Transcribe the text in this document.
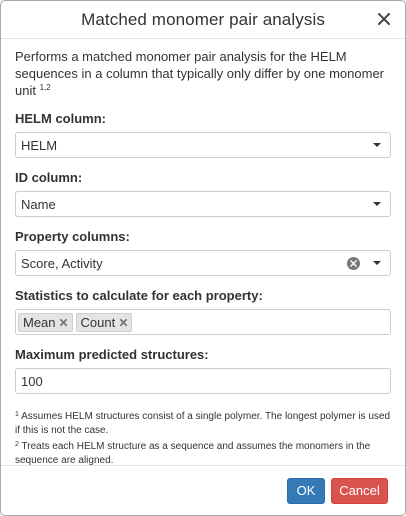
Matched monomer pair analysis

Performs a matched monomer pair analysis for the HELM sequences in a column that typically only differ by one monomer unit $^{1,2}$

HELM column:
HELM
ID column:
Name
Property columns:
Score, Activity
Statistics to calculate for each property:
Mean Count
Maximum predicted structures:
100
$^1$ Assumes HELM structures consist of a single polymer. The longest polymer is used if this is not the case.
$^2$ Treats each HELM structure as a sequence and assumes the monomers in the sequence are aligned.
OK	Cancel
